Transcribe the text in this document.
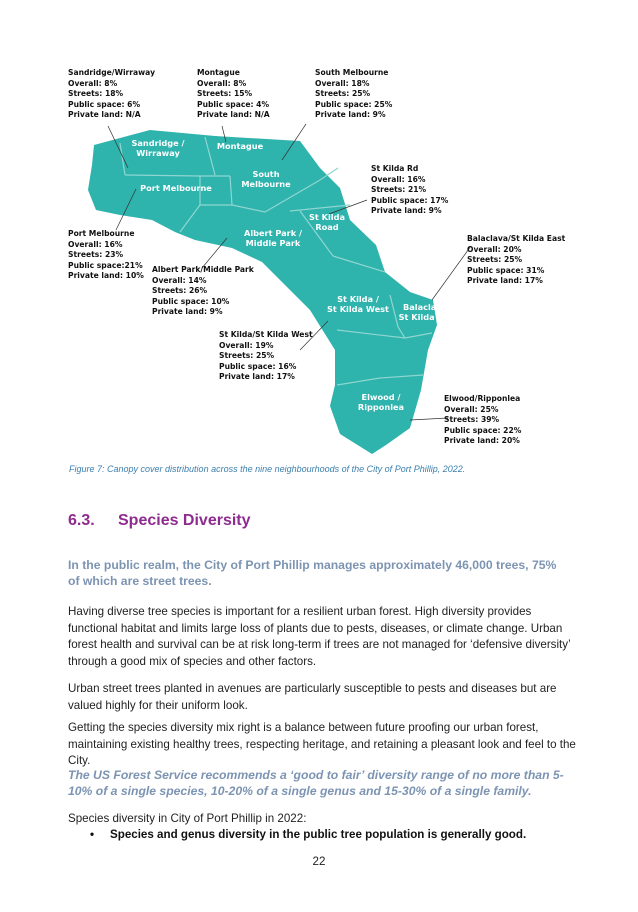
Sandridge / Wirraway
Montague
Port Melbourne
South Melbourne
St Kilda Road
Albert Park / Middle Park
St Kilda / St Kilda West	Balaclava / St Kilda East
Elwood / Ripponlea
Sandridge/Wirraway
Overall: 8%
Streets: 18%
Public space: 6%
Private land: N/A
Montague
Overall: 8%
Streets: 15%
Public space: 4%
Private land: N/A
South Melbourne
Overall: 18%
Streets: 25%
Public space: 25%
Private land: 9%
St Kilda Rd
Overall: 16%
Streets: 21%
Public space: 17%
Private land: 9%
Balaclava/St Kilda East
Overall: 20%
Streets: 25%
Public space: 31%
Private land: 17%
Port Melbourne
Overall: 16%
Streets: 23%
Public space:21%
Private land: 10%
Albert Park/Middle Park
Overall: 14%
Streets: 26%
Public space: 10%
Private land: 9%
St Kilda/St Kilda West
Overall: 19%
Streets: 25%
Public space: 16%
Private land: 17%
Elwood/Ripponlea
Overall: 25%
Streets: 39%
Public space: 22%
Private land: 20%

Figure 7: Canopy cover distribution across the nine neighbourhoods of the City of Port Phillip, 2022.

6.3. Species Diversity

In the public realm, the City of Port Phillip manages approximately 46,000 trees, 75% of which are street trees.

Having diverse tree species is important for a resilient urban forest. High diversity provides functional habitat and limits large loss of plants due to pests, diseases, or climate change. Urban forest health and survival can be at risk long-term if trees are not managed for ‘defensive diversity’ through a good mix of species and other factors.

Urban street trees planted in avenues are particularly susceptible to pests and diseases but are valued highly for their uniform look.

Getting the species diversity mix right is a balance between future proofing our urban forest, maintaining existing healthy trees, respecting heritage, and retaining a pleasant look and feel to the City.

The US Forest Service recommends a ‘good to fair’ diversity range of no more than 5-10% of a single species, 10-20% of a single genus and 15-30% of a single family.

Species diversity in City of Port Phillip in 2022:

• Species and genus diversity in the public tree population is generally good.

22
